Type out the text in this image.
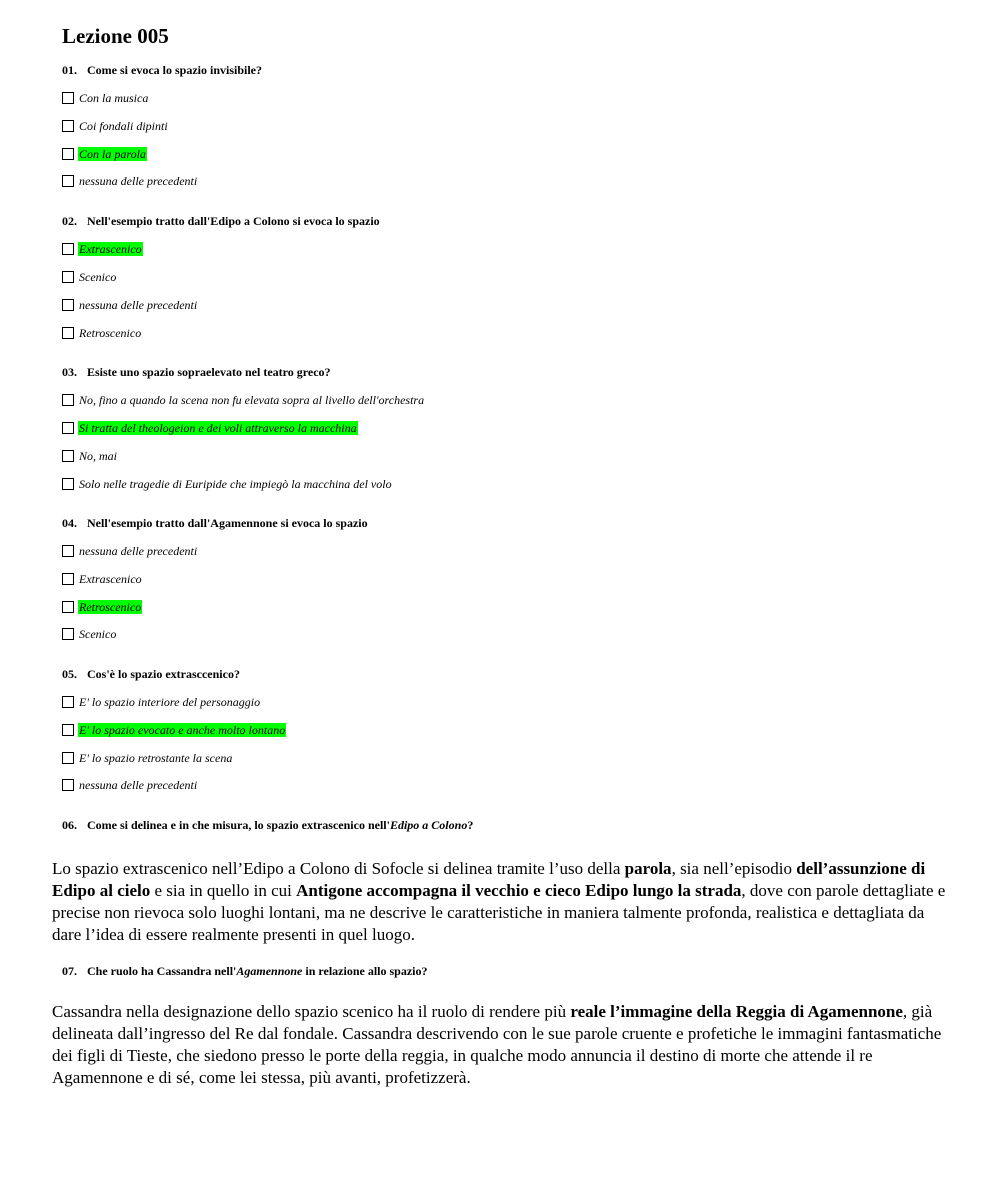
Lezione 005
01. Come si evoca lo spazio invisibile?
Con la musica
Coi fondali dipinti
Con la parola
nessuna delle precedenti
02. Nell'esempio tratto dall'Edipo a Colono si evoca lo spazio
Extrascenico
Scenico
nessuna delle precedenti
Retroscenico
03. Esiste uno spazio sopraelevato nel teatro greco?
No, fino a quando la scena non fu elevata sopra al livello dell'orchestra
Si tratta del theologeion e dei voli attraverso la macchina
No, mai
Solo nelle tragedie di Euripide che impiegò la macchina del volo
04. Nell'esempio tratto dall'Agamennone si evoca lo spazio
nessuna delle precedenti
Extrascenico
Retroscenico
Scenico
05. Cos'è lo spazio extrasccenico?
E' lo spazio interiore del personaggio
E' lo spazio evocato e anche molto lontano
E' lo spazio retrostante la scena
nessuna delle precedenti
06. Come si delinea e in che misura, lo spazio extrascenico nell'Edipo a Colono?

Lo spazio extrascenico nell’Edipo a Colono di Sofocle si delinea tramite l’uso della parola, sia nell’episodio dell’assunzione di Edipo al cielo e sia in quello in cui Antigone accompagna il vecchio e cieco Edipo lungo la strada, dove con parole dettagliate e precise non rievoca solo luoghi lontani, ma ne descrive le caratteristiche in maniera talmente profonda, realistica e dettagliata da dare l’idea di essere realmente presenti in quel luogo.

07. Che ruolo ha Cassandra nell'Agamennone in relazione allo spazio?

Cassandra nella designazione dello spazio scenico ha il ruolo di rendere più reale l’immagine della Reggia di Agamennone, già delineata dall’ingresso del Re dal fondale. Cassandra descrivendo con le sue parole cruente e profetiche le immagini fantasmatiche dei figli di Tieste, che siedono presso le porte della reggia, in qualche modo annuncia il destino di morte che attende il re Agamennone e di sé, come lei stessa, più avanti, profetizzerà.
